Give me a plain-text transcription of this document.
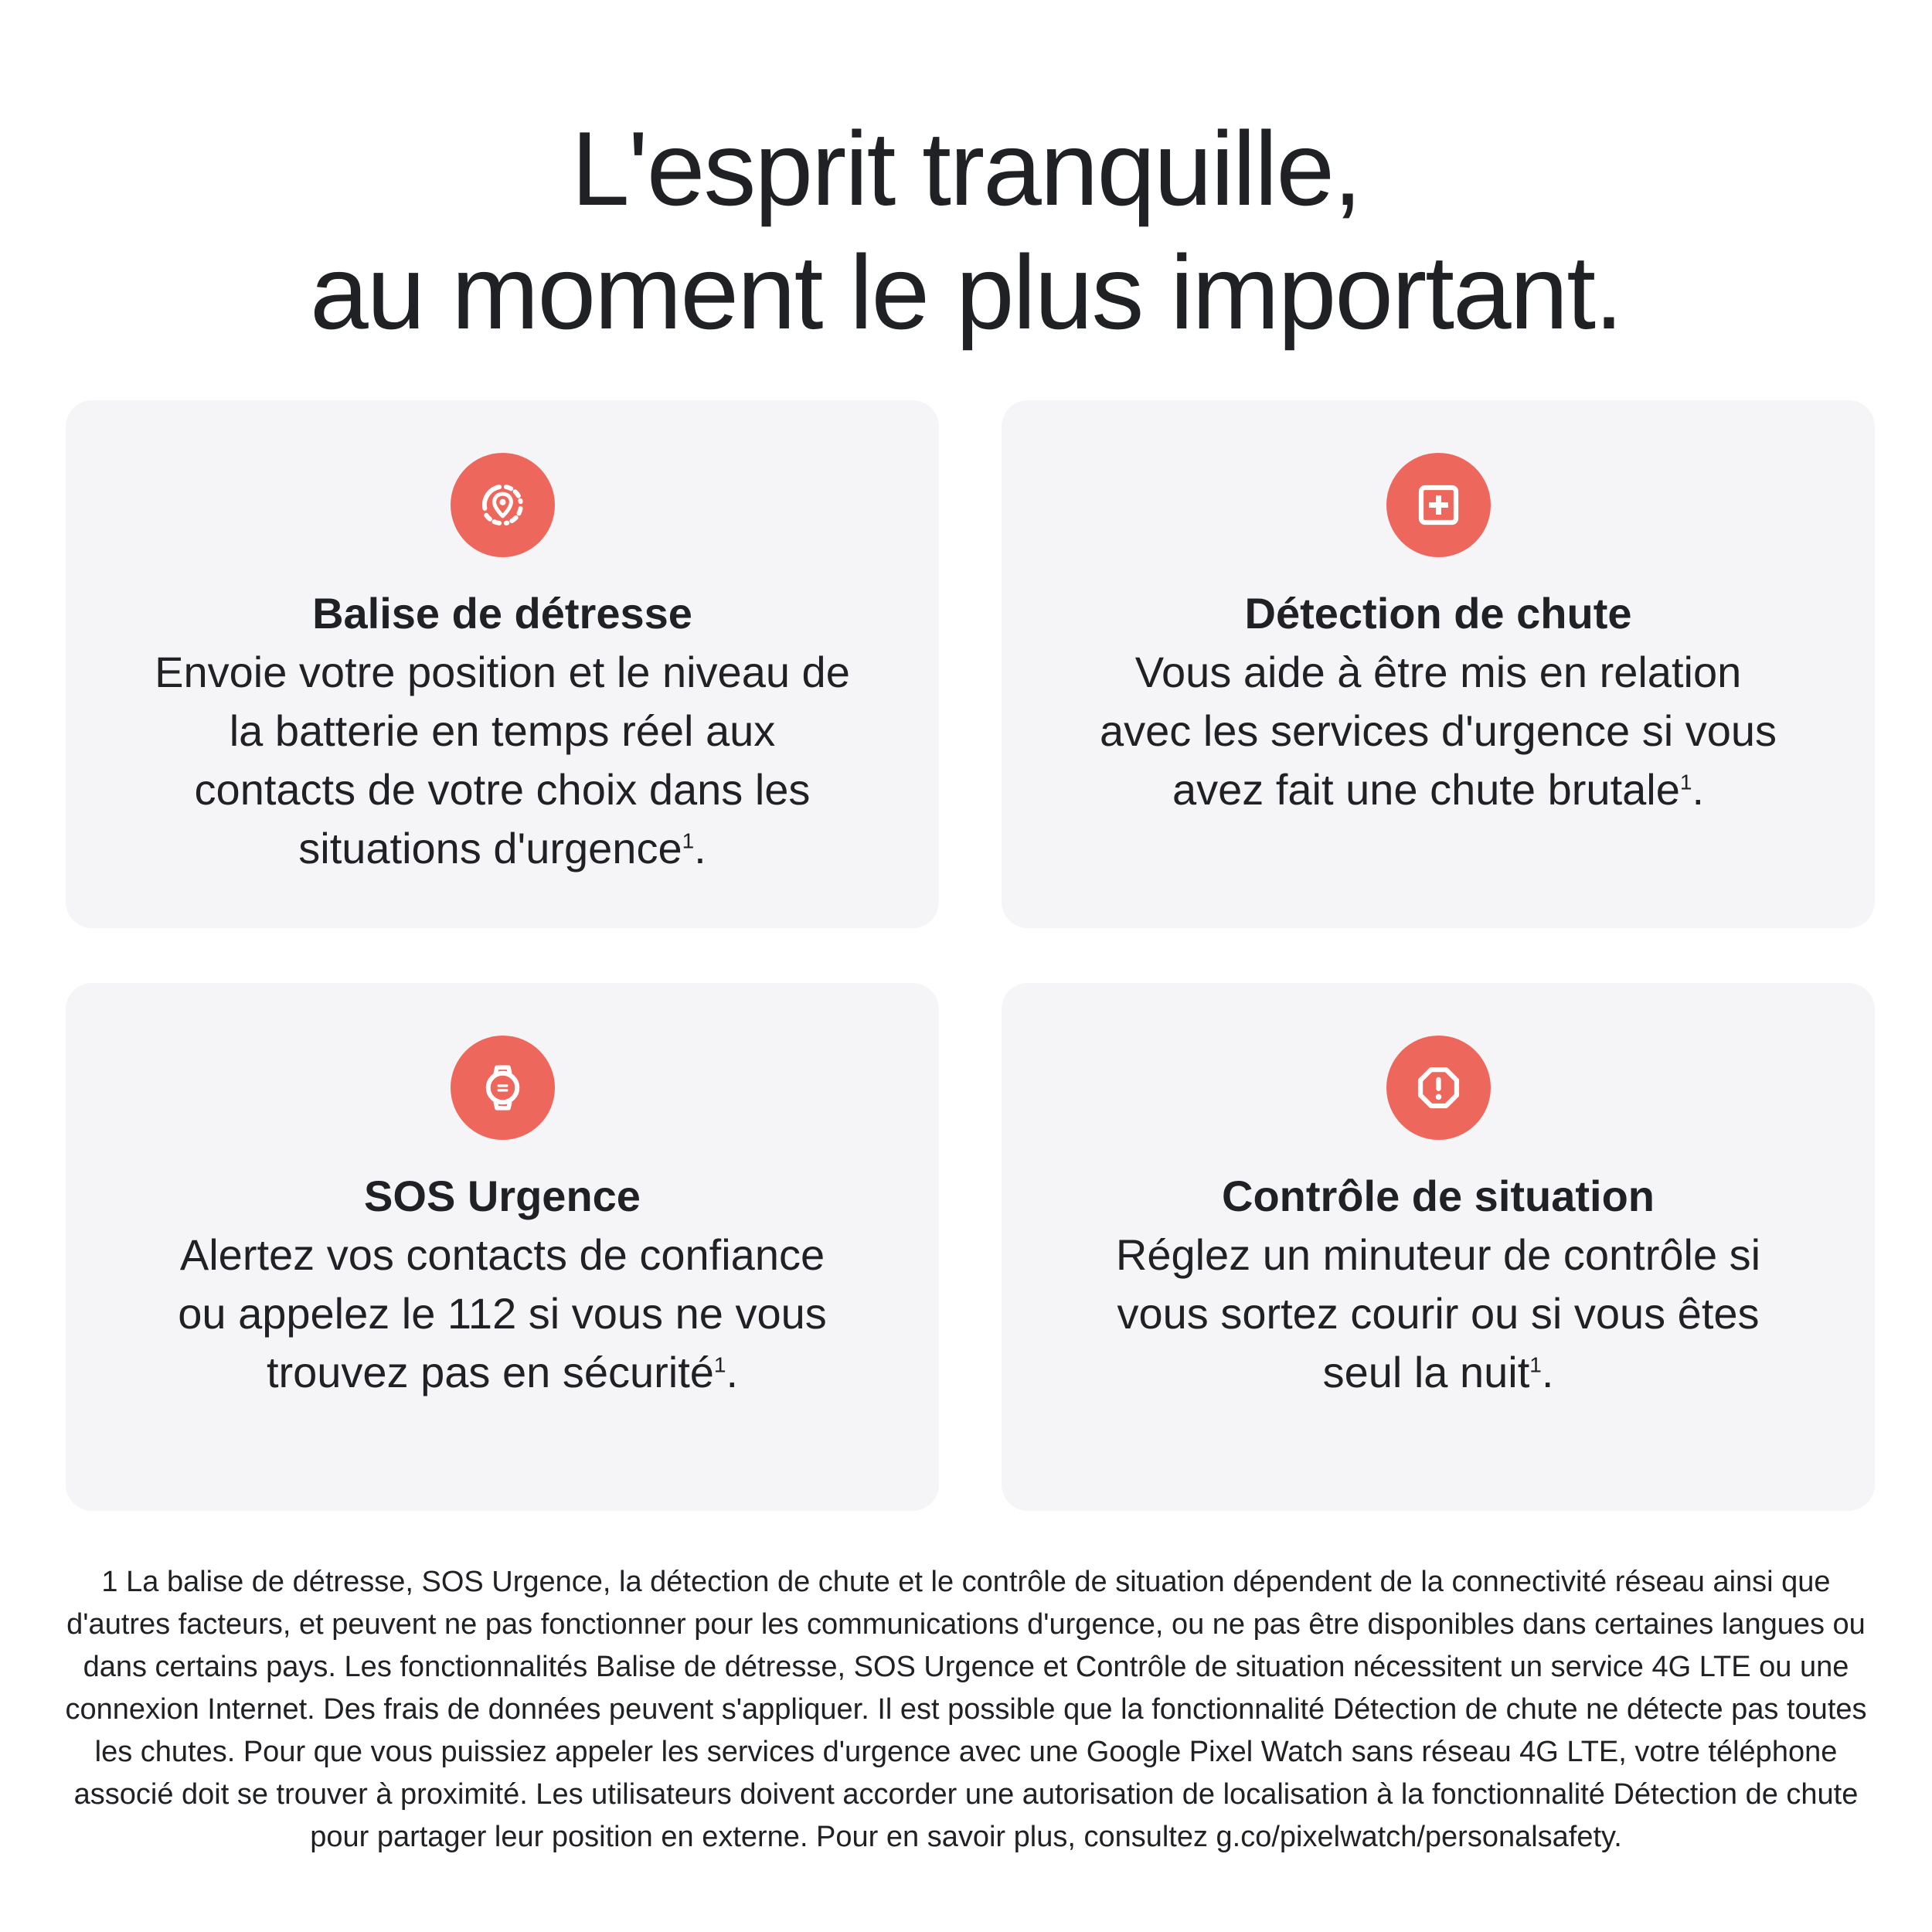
L'esprit tranquille,
au moment le plus important.
Balise de détresse

Envoie votre position et le niveau de la batterie en temps réel aux contacts de votre choix dans les situations d'urgence$^1$.

Détection de chute

Vous aide à être mis en relation avec les services d'urgence si vous avez fait une chute brutale$^1$.

SOS Urgence

Alertez vos contacts de confiance ou appelez le 112 si vous ne vous trouvez pas en sécurité$^1$.

Contrôle de situation

Réglez un minuteur de contrôle si vous sortez courir ou si vous êtes seul la nuit$^1$.

1 La balise de détresse, SOS Urgence, la détection de chute et le contrôle de situation dépendent de la connectivité réseau ainsi que d'autres facteurs, et peuvent ne pas fonctionner pour les communications d'urgence, ou ne pas être disponibles dans certaines langues ou dans certains pays. Les fonctionnalités Balise de détresse, SOS Urgence et Contrôle de situation nécessitent un service 4G LTE ou une connexion Internet. Des frais de données peuvent s'appliquer. Il est possible que la fonctionnalité Détection de chute ne détecte pas toutes les chutes. Pour que vous puissiez appeler les services d'urgence avec une Google Pixel Watch sans réseau 4G LTE, votre téléphone associé doit se trouver à proximité. Les utilisateurs doivent accorder une autorisation de localisation à la fonctionnalité Détection de chute pour partager leur position en externe. Pour en savoir plus, consultez g.co/pixelwatch/personalsafety.
